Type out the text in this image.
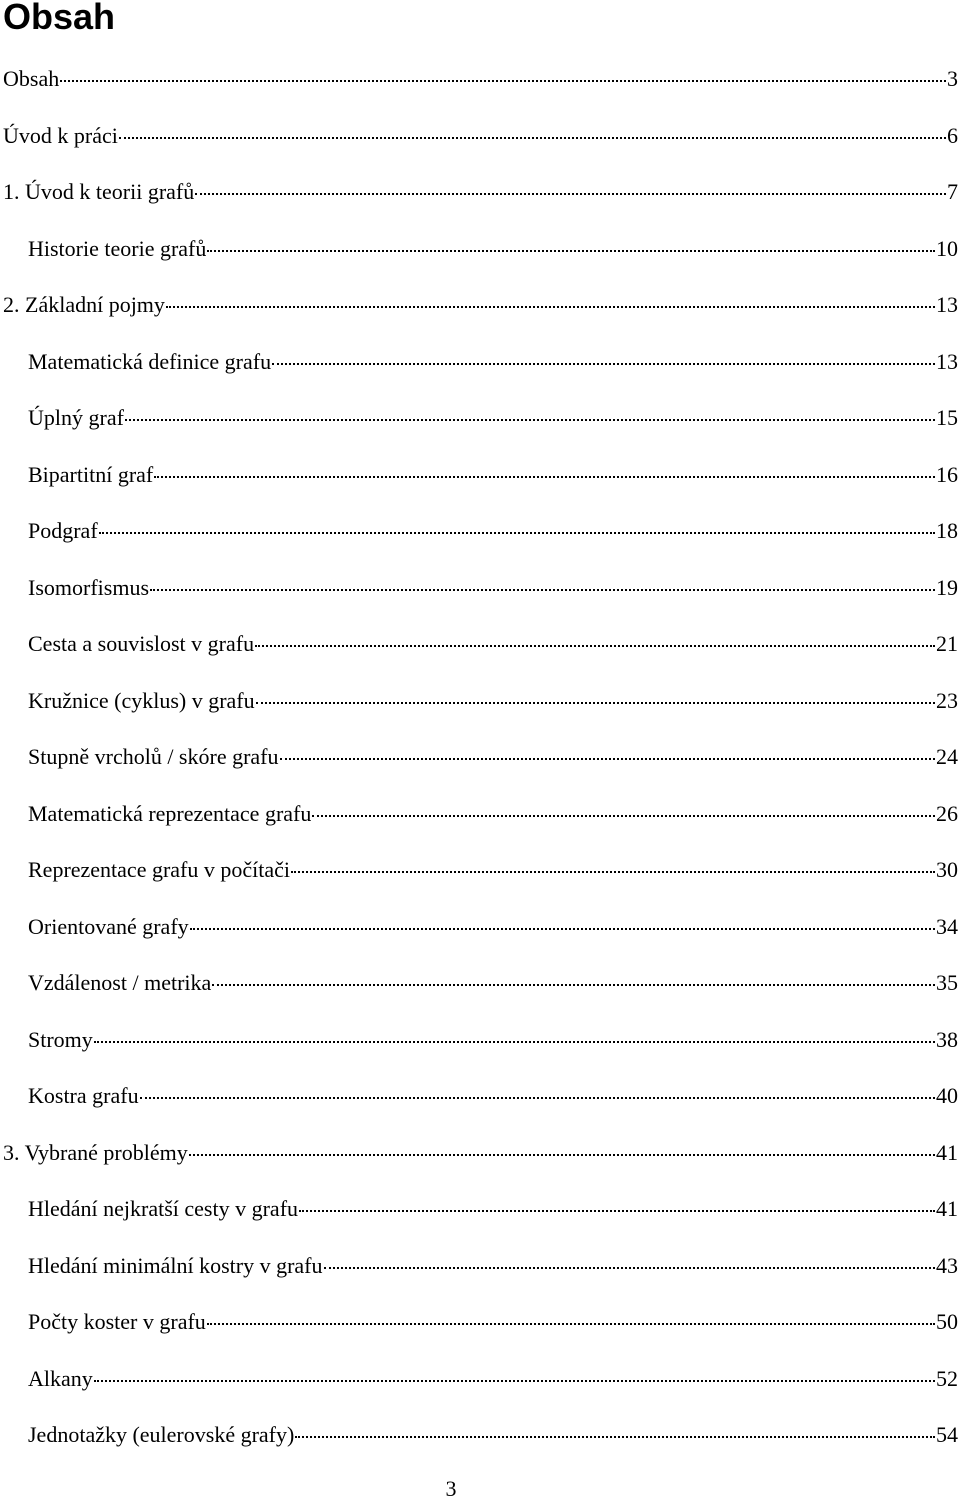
Obsah
Obsah	3
Úvod k práci	6
1. Úvod k teorii grafů	7
Historie teorie grafů	10
2. Základní pojmy	13
Matematická definice grafu	13
Úplný graf	15
Bipartitní graf	16
Podgraf	18
Isomorfismus	19
Cesta a souvislost v grafu	21
Kružnice (cyklus) v grafu	23
Stupně vrcholů / skóre grafu	24
Matematická reprezentace grafu	26
Reprezentace grafu v počítači	30
Orientované grafy	34
Vzdálenost / metrika	35
Stromy	38
Kostra grafu	40
3. Vybrané problémy	41
Hledání nejkratší cesty v grafu	41
Hledání minimální kostry v grafu	43
Počty koster v grafu	50
Alkany	52
Jednotažky (eulerovské grafy)	54
3
